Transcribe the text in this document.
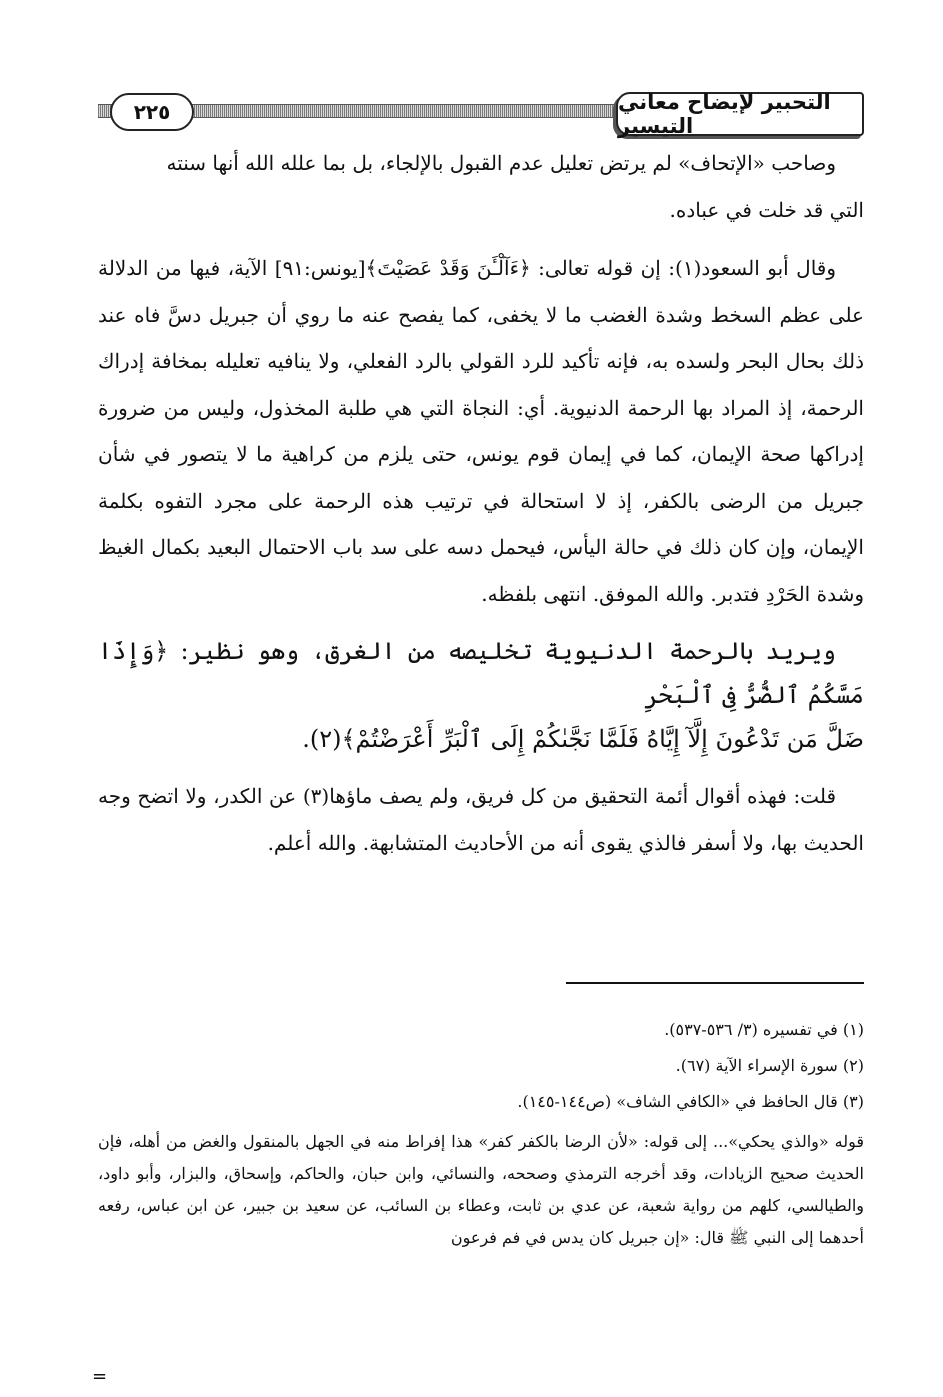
٢٢٥	التحبير لإيضاح معاني التيسير

وصاحب «الإتحاف» لم يرتض تعليل عدم القبول بالإلجاء، بل بما علله الله أنها سنته

التي قد خلت في عباده.

وقال أبو السعود(١): إن قوله تعالى: ﴿ءَآلْـَٔنَ وَقَدْ عَصَيْتَ﴾[يونس:٩١] الآية، فيها من الدلالة على عظم السخط وشدة الغضب ما لا يخفى، كما يفصح عنه ما روي أن جبريل دسَّ فاه عند ذلك بحال البحر ولسده به، فإنه تأكيد للرد القولي بالرد الفعلي، ولا ينافيه تعليله بمخافة إدراك الرحمة، إذ المراد بها الرحمة الدنيوية. أي: النجاة التي هي طلبة المخذول، وليس من ضرورة إدراكها صحة الإيمان، كما في إيمان قوم يونس، حتى يلزم من كراهية ما لا يتصور في شأن جبريل من الرضى بالكفر، إذ لا استحالة في ترتيب هذه الرحمة على مجرد التفوه بكلمة الإيمان، وإن كان ذلك في حالة اليأس، فيحمل دسه على سد باب الاحتمال البعيد بكمال الغيظ وشدة الحَرْدِ فتدبر. والله الموفق. انتهى بلفظه.

ويريد بالرحمة الدنيوية تخليصه من الغرق، وهو نظير: ﴿وَإِذَا مَسَّكُمُ ٱلضُّرُّ فِى ٱلْبَحْرِ

ضَلَّ مَن تَدْعُونَ إِلَّآ إِيَّاهُ فَلَمَّا نَجَّىٰكُمْ إِلَى ٱلْبَرِّ أَعْرَضْتُمْ﴾(٢).

قلت: فهذه أقوال أئمة التحقيق من كل فريق، ولم يصف ماؤها(٣) عن الكدر، ولا اتضح وجه الحديث بها، ولا أسفر فالذي يقوى أنه من الأحاديث المتشابهة. والله أعلم.

(١) في تفسيره (٣/ ٥٣٦-٥٣٧).

(٢) سورة الإسراء الآية (٦٧).

(٣) قال الحافظ في «الكافي الشاف» (ص١٤٤-١٤٥).

قوله «والذي يحكي»... إلى قوله: «لأن الرضا بالكفر كفر» هذا إفراط منه في الجهل بالمنقول والغض من أهله، فإن الحديث صحيح الزيادات، وقد أخرجه الترمذي وصححه، والنسائي، وابن حبان، والحاكم، وإسحاق، والبزار، وأبو داود، والطيالسي، كلهم من رواية شعبة، عن عدي بن ثابت، وعطاء بن السائب، عن سعيد بن جبير، عن ابن عباس، رفعه أحدهما إلى النبي ﷺ قال: «إن جبريل كان يدس في فم فرعون

=
